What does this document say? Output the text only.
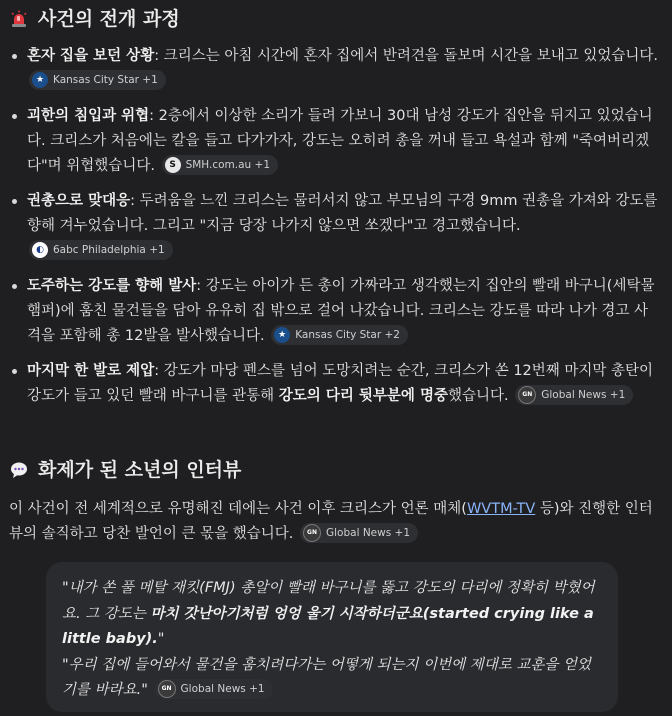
사건의 전개 과정
혼자 집을 보던 상황: 크리스는 아침 시간에 혼자 집에서 반려견을 돌보며 시간을 보내고 있었습니다.
★ Kansas City Star +1
괴한의 침입과 위협: 2층에서 이상한 소리가 들려 가보니 30대 남성 강도가 집안을 뒤지고 있었습니다. 크리스가 처음에는 칼을 들고 다가가자, 강도는 오히려 총을 꺼내 들고 욕설과 함께 "죽여버리겠다"며 위협했습니다.	S SMH.com.au +1
권총으로 맞대응: 두려움을 느낀 크리스는 물러서지 않고 부모님의 구경 9mm 권총을 가져와 강도를 향해 겨누었습니다. 그리고 "지금 당장 나가지 않으면 쏘겠다"고 경고했습니다.
◐ 6abc Philadelphia +1
도주하는 강도를 향해 발사: 강도는 아이가 든 총이 가짜라고 생각했는지 집안의 빨래 바구니(세탁물 햄퍼)에 훔친 물건들을 담아 유유히 집 밖으로 걸어 나갔습니다. 크리스는 강도를 따라 나가 경고 사격을 포함해 총 12발을 발사했습니다.	★ Kansas City Star +2
마지막 한 발로 제압: 강도가 마당 펜스를 넘어 도망치려는 순간, 크리스가 쏜 12번째 마지막 총탄이 강도가 들고 있던 빨래 바구니를 관통해 강도의 다리 뒷부분에 명중했습니다.	GN Global News +1
화제가 된 소년의 인터뷰
이 사건이 전 세계적으로 유명해진 데에는 사건 이후 크리스가 언론 매체(WVTM-TV 등)와 진행한 인터뷰의 솔직하고 당찬 발언이 큰 몫을 했습니다.	GN Global News +1
"내가 쏜 풀 메탈 재킷(FMJ) 총알이 빨래 바구니를 뚫고 강도의 다리에 정확히 박혔어요. 그 강도는 마치 갓난아기처럼 엉엉 울기 시작하더군요(started crying like a little baby)."
"우리 집에 들어와서 물건을 훔치려다가는 어떻게 되는지 이번에 제대로 교훈을 얻었기를 바라요."	GN Global News +1
